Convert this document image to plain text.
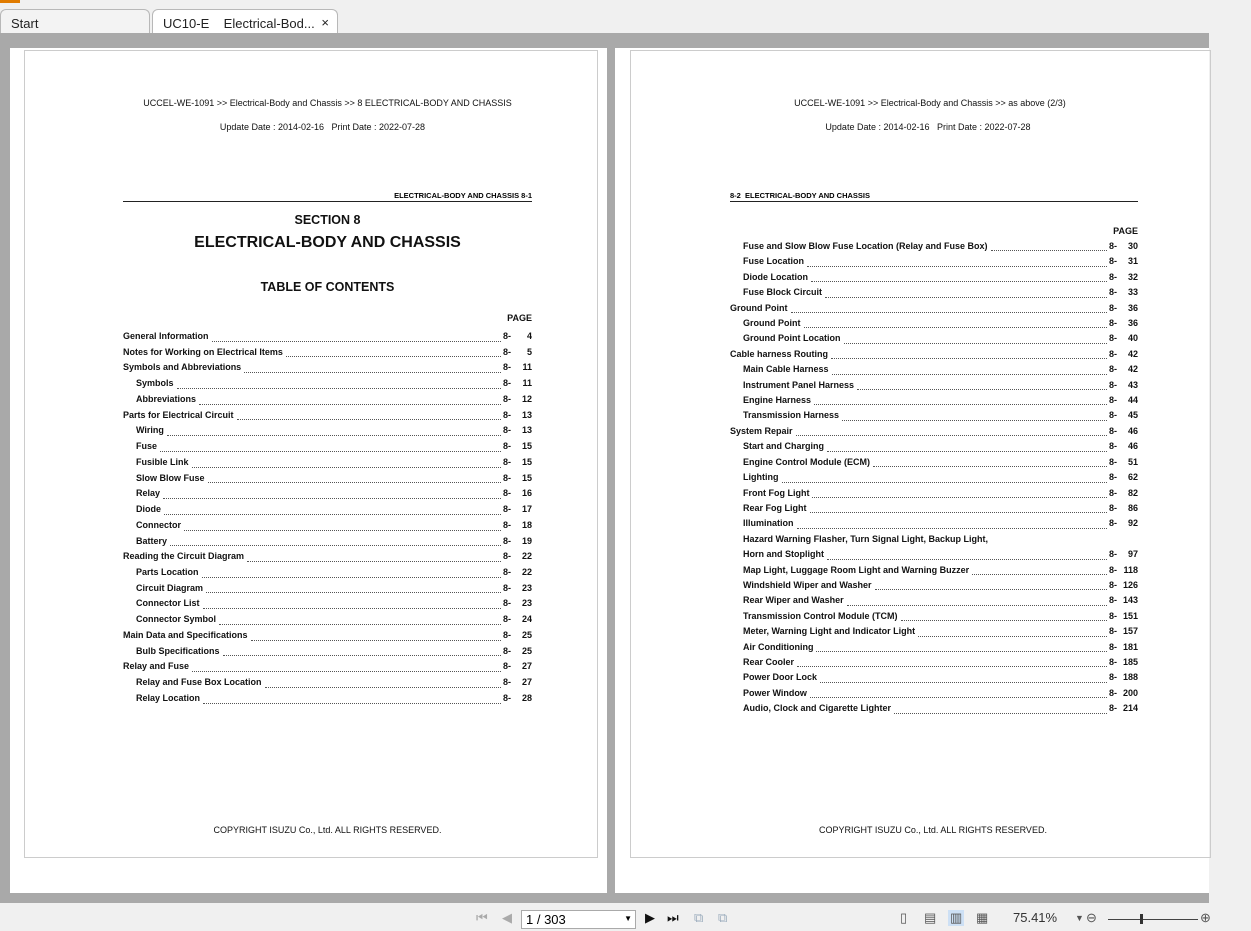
Start	UC10-E    Electrical-Bod... ×
UCCEL-WE-1091 >> Electrical-Body and Chassis >> 8 ELECTRICAL-BODY AND CHASSIS
Update Date : 2014-02-16   Print Date : 2022-07-28
ELECTRICAL-BODY AND CHASSIS 8-1
SECTION 8
ELECTRICAL-BODY AND CHASSIS
TABLE OF CONTENTS
PAGE
General Information	8- 4
Notes for Working on Electrical Items	8- 5
Symbols and Abbreviations	8- 11
Symbols	8- 11
Abbreviations	8- 12
Parts for Electrical Circuit	8- 13
Wiring	8- 13
Fuse	8- 15
Fusible Link	8- 15
Slow Blow Fuse	8- 15
Relay	8- 16
Diode	8- 17
Connector	8- 18
Battery	8- 19
Reading the Circuit Diagram	8- 22
Parts Location	8- 22
Circuit Diagram	8- 23
Connector List	8- 23
Connector Symbol	8- 24
Main Data and Specifications	8- 25
Bulb Specifications	8- 25
Relay and Fuse	8- 27
Relay and Fuse Box Location	8- 27
Relay Location	8- 28
COPYRIGHT ISUZU Co., Ltd. ALL RIGHTS RESERVED.
UCCEL-WE-1091 >> Electrical-Body and Chassis >> as above (2/3)
Update Date : 2014-02-16   Print Date : 2022-07-28
8-2  ELECTRICAL-BODY AND CHASSIS
PAGE
Fuse and Slow Blow Fuse Location (Relay and Fuse Box)	8- 30
Fuse Location	8- 31
Diode Location	8- 32
Fuse Block Circuit	8- 33
Ground Point	8- 36
Ground Point	8- 36
Ground Point Location	8- 40
Cable harness Routing	8- 42
Main Cable Harness	8- 42
Instrument Panel Harness	8- 43
Engine Harness	8- 44
Transmission Harness	8- 45
System Repair	8- 46
Start and Charging	8- 46
Engine Control Module (ECM)	8- 51
Lighting	8- 62
Front Fog Light	8- 82
Rear Fog Light	8- 86
Illumination	8- 92
Hazard Warning Flasher, Turn Signal Light, Backup Light,
Horn and Stoplight	8- 97
Map Light, Luggage Room Light and Warning Buzzer	8- 118
Windshield Wiper and Washer	8- 126
Rear Wiper and Washer	8- 143
Transmission Control Module (TCM)	8- 151
Meter, Warning Light and Indicator Light	8- 157
Air Conditioning	8- 181
Rear Cooler	8- 185
Power Door Lock	8- 188
Power Window	8- 200
Audio, Clock and Cigarette Lighter	8- 214
COPYRIGHT ISUZU Co., Ltd. ALL RIGHTS RESERVED.
⏮ ◀	▶ ⏭ ⧉ ⧉	▯ ▤ ▥ ▦ 75.41% ▼ ⊖	⊕
1 / 303	▼
